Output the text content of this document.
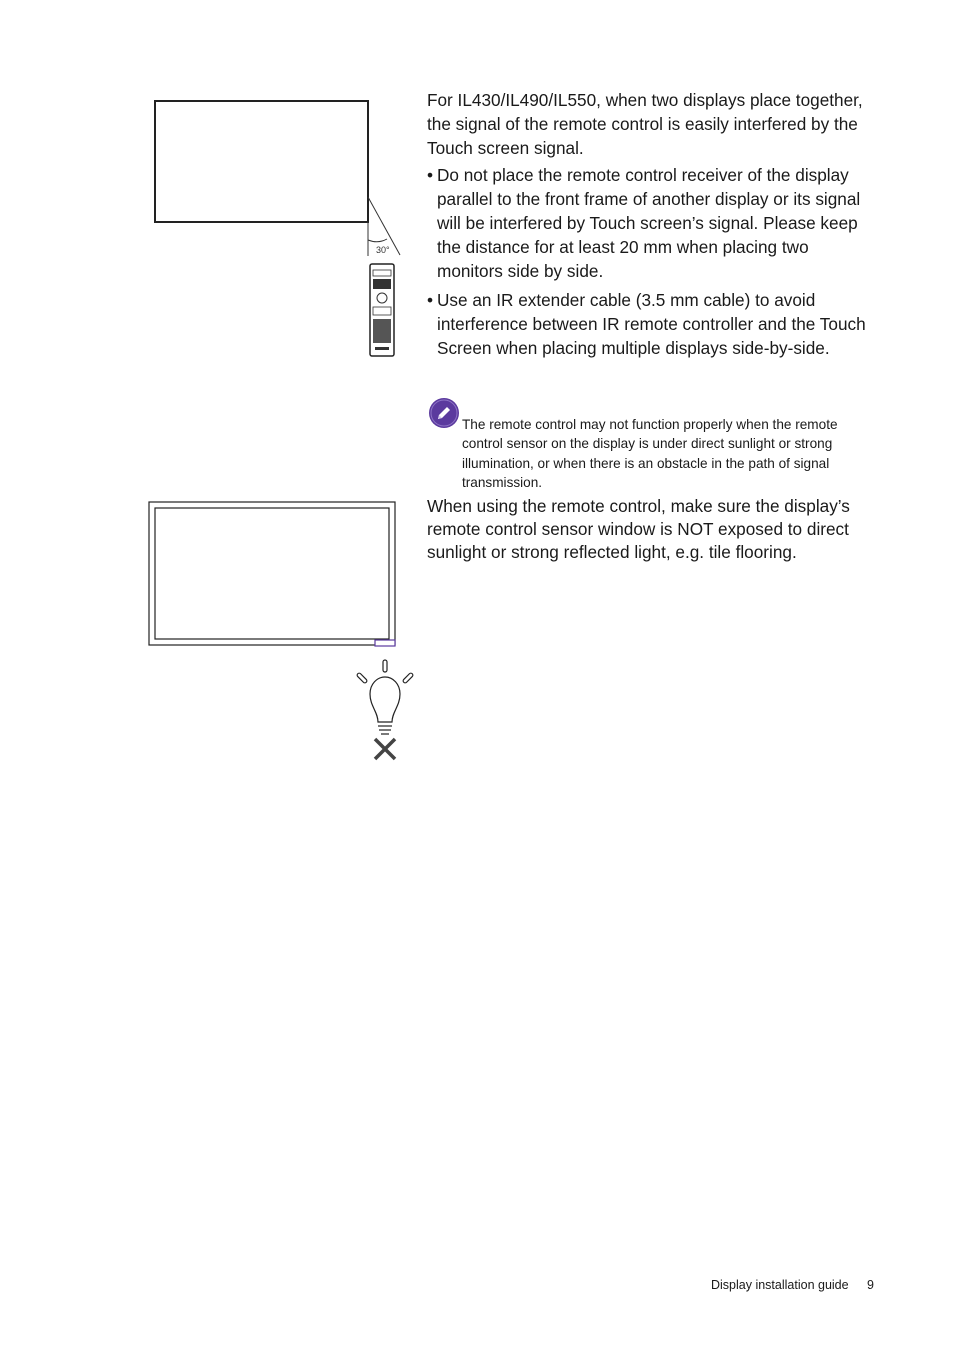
30°
For IL430/IL490/IL550, when two displays place together, the signal of the remote control is easily interfered by the Touch screen signal.

• Do not place the remote control receiver of the display parallel to the front frame of another display or its signal will be interfered by Touch screen’s signal. Please keep the distance for at least 20 mm when placing two monitors side by side.

• Use an IR extender cable (3.5 mm cable) to avoid interference between IR remote controller and the Touch Screen when placing multiple displays side-by-side.

The remote control may not function properly when the remote control sensor on the display is under direct sunlight or strong illumination, or when there is an obstacle in the path of signal transmission.
When using the remote control, make sure the display’s remote control sensor window is NOT exposed to direct sunlight or strong reflected light, e.g. tile flooring.
Display installation guide 9
